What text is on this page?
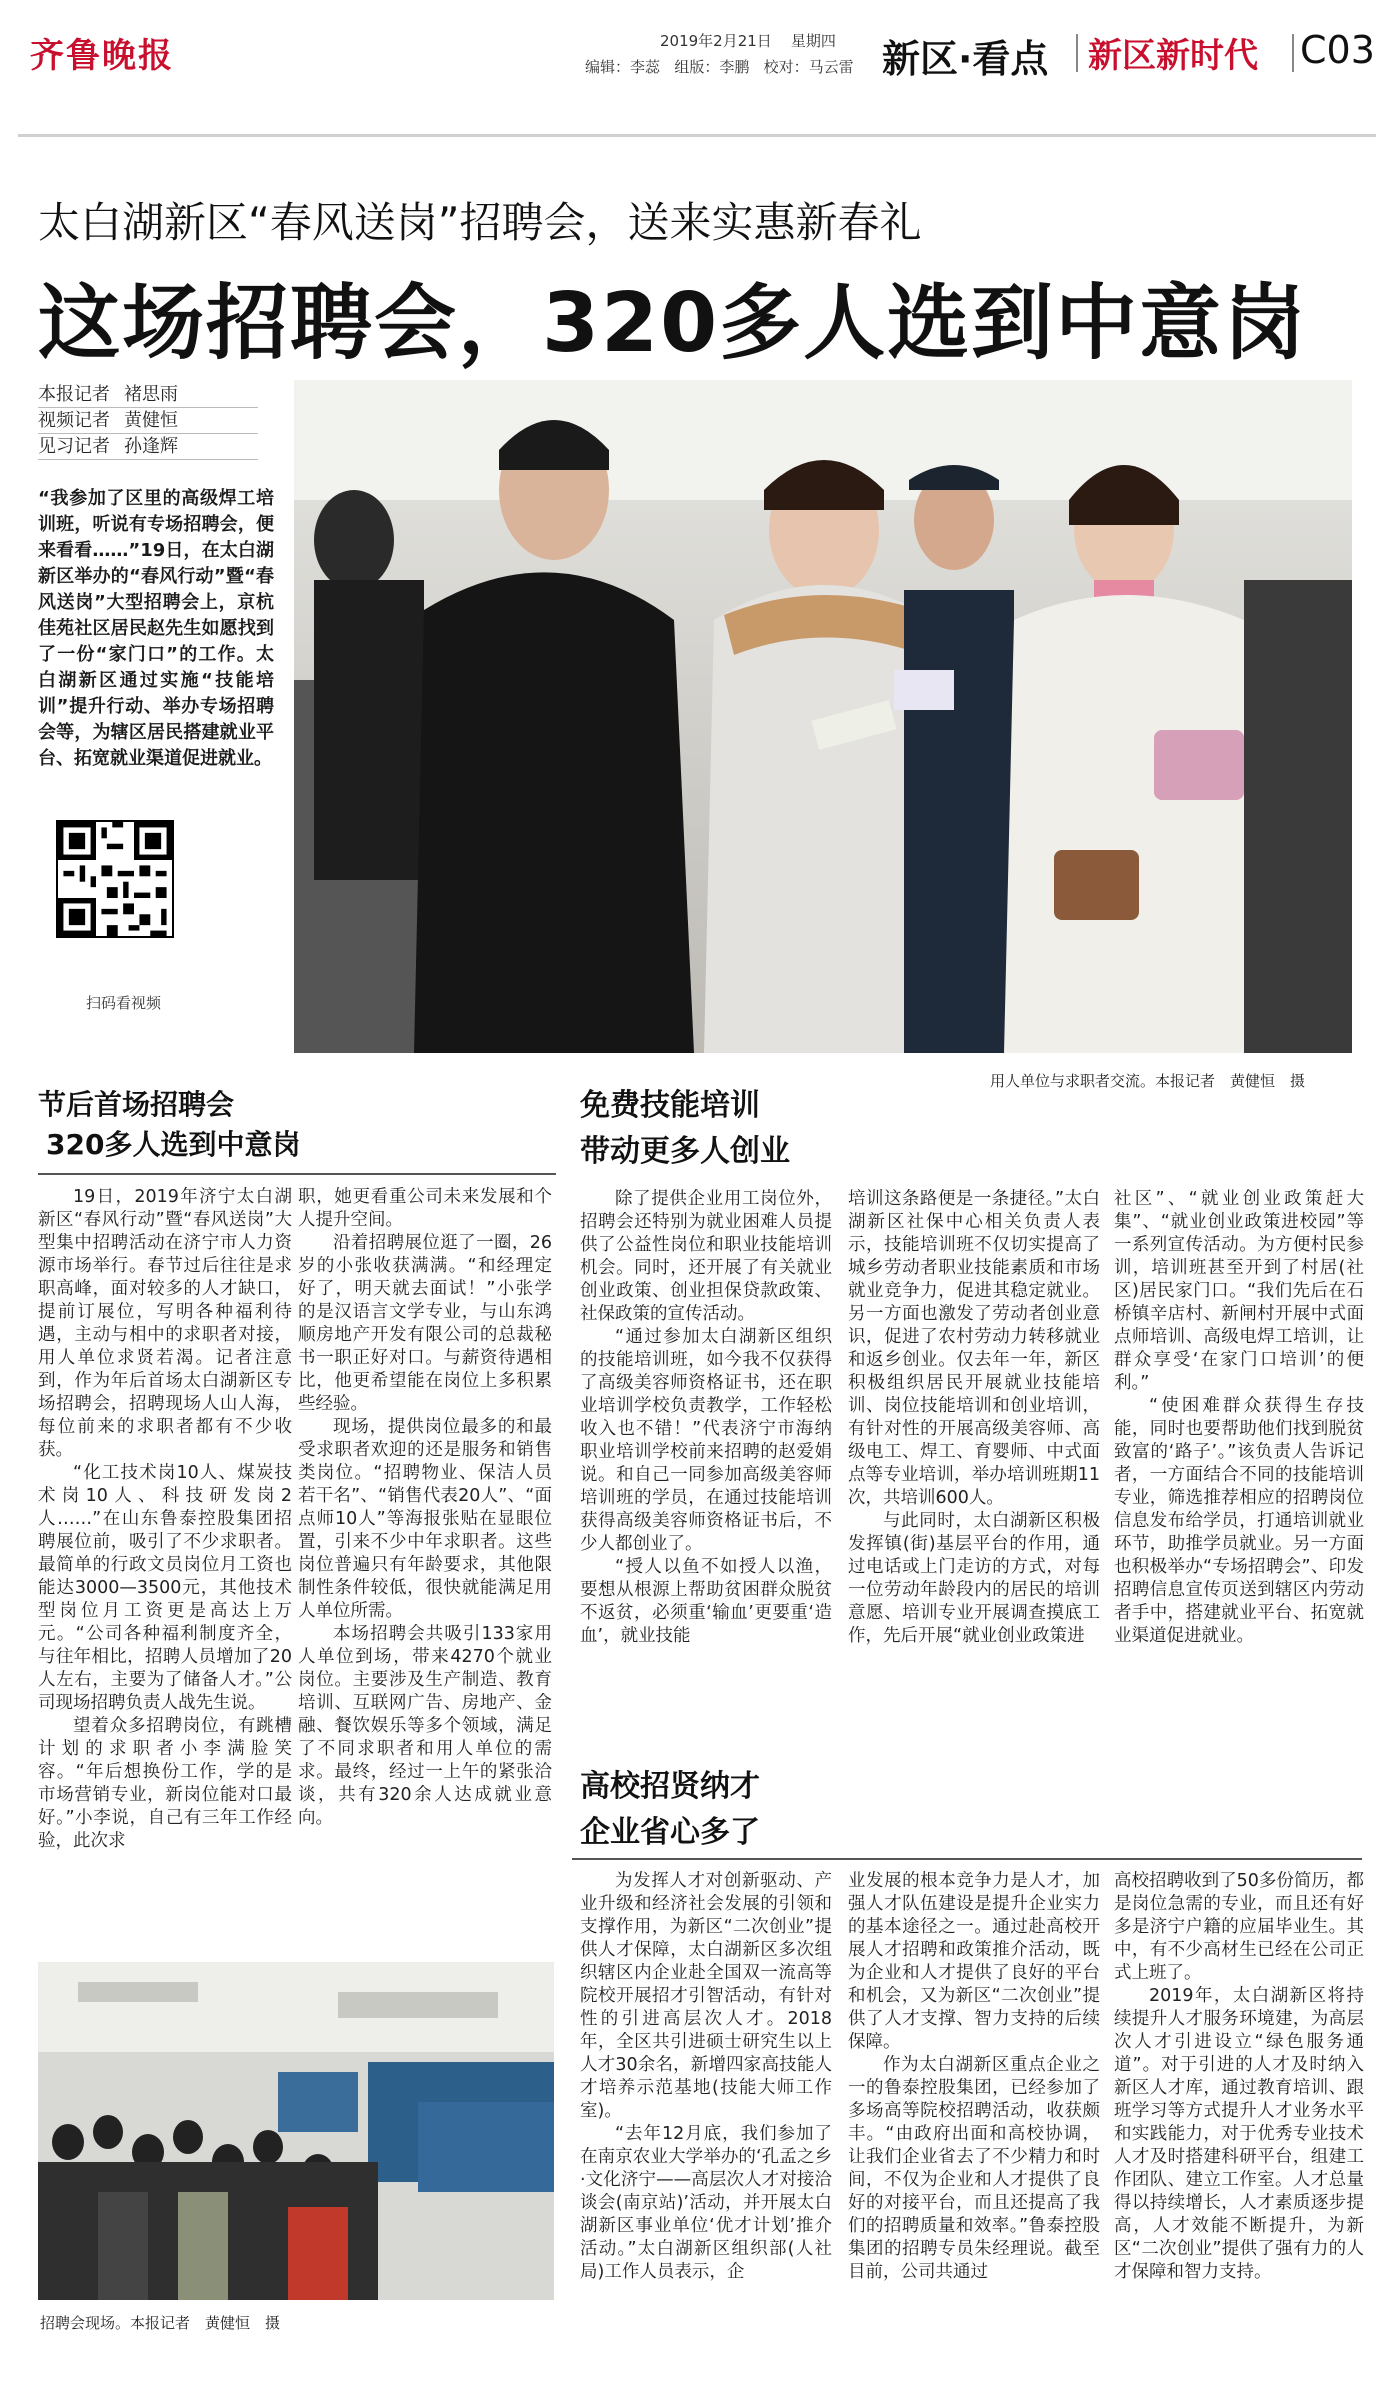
齐鲁晚报	2019年2月21日 星期四
编辑：李蕊 组版：李鹏 校对：马云雷 新区·看点 新区新时代 C03
太白湖新区“春风送岗”招聘会，送来实惠新春礼
这场招聘会，320多人选到中意岗
本报记者 褚思雨
视频记者 黄健恒
见习记者 孙逢辉
“我参加了区里的高级焊工培训班，听说有专场招聘会，便来看看……”19日，在太白湖新区举办的“春风行动”暨“春风送岗”大型招聘会上，京杭佳苑社区居民赵先生如愿找到了一份“家门口”的工作。太白湖新区通过实施“技能培训”提升行动、举办专场招聘会等，为辖区居民搭建就业平台、拓宽就业渠道促进就业。
扫码看视频
用人单位与求职者交流。本报记者　黄健恒　摄
节后首场招聘会
320多人选到中意岗

19日，2019年济宁太白湖新区“春风行动”暨“春风送岗”大型集中招聘活动在济宁市人力资源市场举行。春节过后往往是求职高峰，面对较多的人才缺口，提前订展位，写明各种福利待遇，主动与相中的求职者对接，用人单位求贤若渴。记者注意到，作为年后首场太白湖新区专场招聘会，招聘现场人山人海，每位前来的求职者都有不少收获。

“化工技术岗10人、煤炭技术岗10人、科技研发岗2人……”在山东鲁泰控股集团招聘展位前，吸引了不少求职者。最简单的行政文员岗位月工资也能达3000—3500元，其他技术型岗位月工资更是高达上万元。“公司各种福利制度齐全，与往年相比，招聘人员增加了20人左右，主要为了储备人才。”公司现场招聘负责人战先生说。

望着众多招聘岗位，有跳槽计划的求职者小李满脸笑容。“年后想换份工作，学的是市场营销专业，新岗位能对口最好。”小李说，自己有三年工作经验，此次求

职，她更看重公司未来发展和个人提升空间。

沿着招聘展位逛了一圈，26岁的小张收获满满。“和经理定好了，明天就去面试！”小张学的是汉语言文学专业，与山东鸿顺房地产开发有限公司的总裁秘书一职正好对口。与薪资待遇相比，他更希望能在岗位上多积累些经验。

现场，提供岗位最多的和最受求职者欢迎的还是服务和销售类岗位。“招聘物业、保洁人员若干名”、“销售代表20人”、“面点师10人”等海报张贴在显眼位置，引来不少中年求职者。这些岗位普遍只有年龄要求，其他限制性条件较低，很快就能满足用人单位所需。

本场招聘会共吸引133家用人单位到场，带来4270个就业岗位。主要涉及生产制造、教育培训、互联网广告、房地产、金融、餐饮娱乐等多个领域，满足了不同求职者和用人单位的需求。最终，经过一上午的紧张洽谈，共有320余人达成就业意向。

免费技能培训
带动更多人创业

除了提供企业用工岗位外，招聘会还特别为就业困难人员提供了公益性岗位和职业技能培训机会。同时，还开展了有关就业创业政策、创业担保贷款政策、社保政策的宣传活动。

“通过参加太白湖新区组织的技能培训班，如今我不仅获得了高级美容师资格证书，还在职业培训学校负责教学，工作轻松收入也不错！”代表济宁市海纳职业培训学校前来招聘的赵爱娟说。和自己一同参加高级美容师培训班的学员，在通过技能培训获得高级美容师资格证书后，不少人都创业了。

“授人以鱼不如授人以渔，要想从根源上帮助贫困群众脱贫不返贫，必须重‘输血’更要重‘造血’，就业技能

培训这条路便是一条捷径。”太白湖新区社保中心相关负责人表示，技能培训班不仅切实提高了城乡劳动者职业技能素质和市场就业竞争力，促进其稳定就业。另一方面也激发了劳动者创业意识，促进了农村劳动力转移就业和返乡创业。仅去年一年，新区积极组织居民开展就业技能培训、岗位技能培训和创业培训，有针对性的开展高级美容师、高级电工、焊工、育婴师、中式面点等专业培训，举办培训班期11次，共培训600人。

与此同时，太白湖新区积极发挥镇(街)基层平台的作用，通过电话或上门走访的方式，对每一位劳动年龄段内的居民的培训意愿、培训专业开展调查摸底工作，先后开展“就业创业政策进

社区”、“就业创业政策赶大集”、“就业创业政策进校园”等一系列宣传活动。为方便村民参训，培训班甚至开到了村居(社区)居民家门口。“我们先后在石桥镇辛店村、新闸村开展中式面点师培训、高级电焊工培训，让群众享受‘在家门口培训’的便利。”

“使困难群众获得生存技能，同时也要帮助他们找到脱贫致富的‘路子’。”该负责人告诉记者，一方面结合不同的技能培训专业，筛选推荐相应的招聘岗位信息发布给学员，打通培训就业环节，助推学员就业。另一方面也积极举办“专场招聘会”、印发招聘信息宣传页送到辖区内劳动者手中，搭建就业平台、拓宽就业渠道促进就业。

高校招贤纳才
企业省心多了

为发挥人才对创新驱动、产业升级和经济社会发展的引领和支撑作用，为新区“二次创业”提供人才保障，太白湖新区多次组织辖区内企业赴全国双一流高等院校开展招才引智活动，有针对性的引进高层次人才。2018年，全区共引进硕士研究生以上人才30余名，新增四家高技能人才培养示范基地(技能大师工作室)。

“去年12月底，我们参加了在南京农业大学举办的‘孔孟之乡·文化济宁——高层次人才对接洽谈会(南京站)’活动，并开展太白湖新区事业单位‘优才计划’推介活动。”太白湖新区组织部(人社局)工作人员表示，企

业发展的根本竞争力是人才，加强人才队伍建设是提升企业实力的基本途径之一。通过赴高校开展人才招聘和政策推介活动，既为企业和人才提供了良好的平台和机会，又为新区“二次创业”提供了人才支撑、智力支持的后续保障。

作为太白湖新区重点企业之一的鲁泰控股集团，已经参加了多场高等院校招聘活动，收获颇丰。“由政府出面和高校协调，让我们企业省去了不少精力和时间，不仅为企业和人才提供了良好的对接平台，而且还提高了我们的招聘质量和效率。”鲁泰控股集团的招聘专员朱经理说。截至目前，公司共通过

高校招聘收到了50多份简历，都是岗位急需的专业，而且还有好多是济宁户籍的应届毕业生。其中，有不少高材生已经在公司正式上班了。

2019年，太白湖新区将持续提升人才服务环境建，为高层次人才引进设立“绿色服务通道”。对于引进的人才及时纳入新区人才库，通过教育培训、跟班学习等方式提升人才业务水平和实践能力，对于优秀专业技术人才及时搭建科研平台，组建工作团队、建立工作室。人才总量得以持续增长，人才素质逐步提高，人才效能不断提升，为新区“二次创业”提供了强有力的人才保障和智力支持。

招聘会现场。本报记者　黄健恒　摄
